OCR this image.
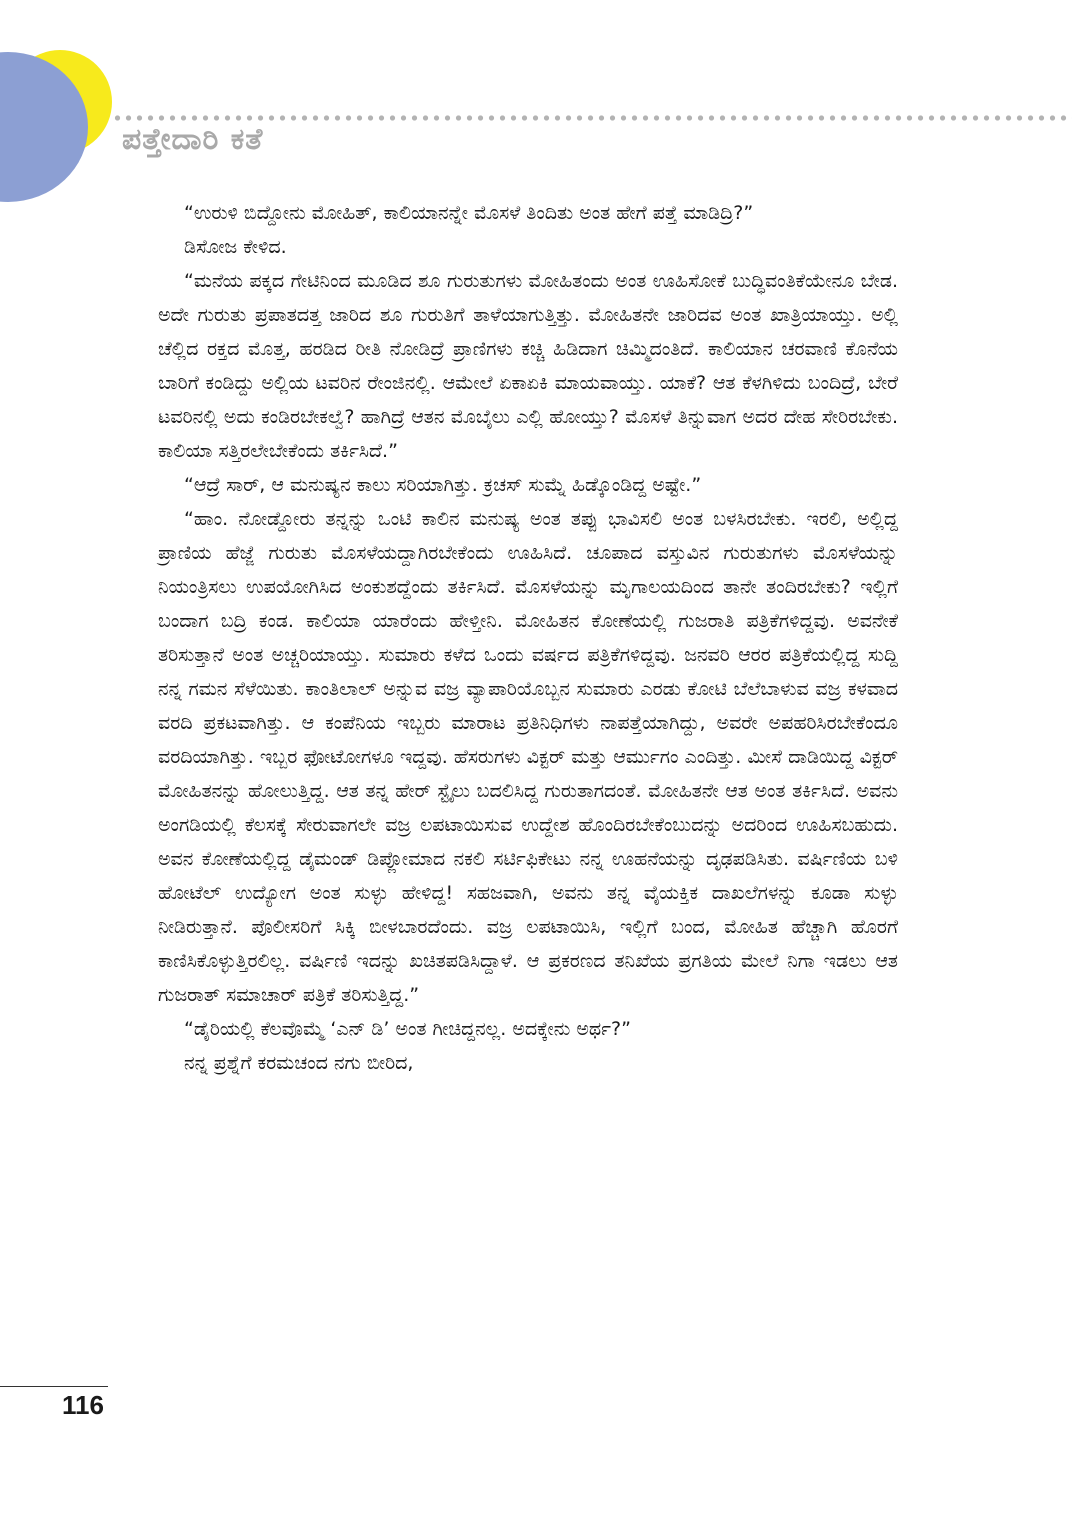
ಪತ್ತೇದಾರಿ ಕತೆ

“ಉರುಳಿ ಬಿದ್ದೋನು ಮೋಹಿತ್, ಕಾಲಿಯಾನನ್ನೇ ಮೊಸಳೆ ತಿಂದಿತು ಅಂತ ಹೇಗೆ ಪತ್ತೆ ಮಾಡಿದ್ರಿ?”

ಡಿಸೋಜ ಕೇಳಿದ.

“ಮನೆಯ ಪಕ್ಕದ ಗೇಟಿನಿಂದ ಮೂಡಿದ ಶೂ ಗುರುತುಗಳು ಮೋಹಿತಂದು ಅಂತ ಊಹಿಸೋಕೆ ಬುದ್ಧಿವಂತಿಕೆಯೇನೂ ಬೇಡ. ಅದೇ ಗುರುತು ಪ್ರಪಾತದತ್ತ ಜಾರಿದ ಶೂ ಗುರುತಿಗೆ ತಾಳೆಯಾಗುತ್ತಿತ್ತು. ಮೋಹಿತನೇ ಜಾರಿದವ ಅಂತ ಖಾತ್ರಿಯಾಯ್ತು. ಅಲ್ಲಿ ಚೆಲ್ಲಿದ ರಕ್ತದ ಮೊತ್ತ, ಹರಡಿದ ರೀತಿ ನೋಡಿದ್ರೆ ಪ್ರಾಣಿಗಳು ಕಚ್ಚಿ ಹಿಡಿದಾಗ ಚಿಮ್ಮಿದಂತಿದೆ. ಕಾಲಿಯಾನ ಚರವಾಣಿ ಕೊನೆಯ ಬಾರಿಗೆ ಕಂಡಿದ್ದು ಅಲ್ಲಿಯ ಟವರಿನ ರೇಂಜಿನಲ್ಲಿ. ಆಮೇಲೆ ಏಕಾಏಕಿ ಮಾಯವಾಯ್ತು. ಯಾಕೆ? ಆತ ಕೆಳಗಿಳಿದು ಬಂದಿದ್ರೆ, ಬೇರೆ ಟವರಿನಲ್ಲಿ ಅದು ಕಂಡಿರಬೇಕಲ್ವೆ? ಹಾಗಿದ್ರೆ ಆತನ ಮೊಬೈಲು ಎಲ್ಲಿ ಹೋಯ್ತು? ಮೊಸಳೆ ತಿನ್ನುವಾಗ ಅದರ ದೇಹ ಸೇರಿರಬೇಕು. ಕಾಲಿಯಾ ಸತ್ತಿರಲೇಬೇಕೆಂದು ತರ್ಕಿಸಿದೆ.”

“ಆದ್ರೆ ಸಾರ್, ಆ ಮನುಷ್ಯನ ಕಾಲು ಸರಿಯಾಗಿತ್ತು. ಕ್ರಚಸ್ ಸುಮ್ನೆ ಹಿಡ್ಕೊಂಡಿದ್ದ ಅಷ್ಟೇ.”

“ಹಾಂ. ನೋಡ್ದೋರು ತನ್ನನ್ನು ಒಂಟಿ ಕಾಲಿನ ಮನುಷ್ಯ ಅಂತ ತಪ್ಪು ಭಾವಿಸಲಿ ಅಂತ ಬಳಸಿರಬೇಕು. ಇರಲಿ, ಅಲ್ಲಿದ್ದ ಪ್ರಾಣಿಯ ಹೆಜ್ಜೆ ಗುರುತು ಮೊಸಳೆಯದ್ದಾಗಿರಬೇಕೆಂದು ಊಹಿಸಿದೆ. ಚೂಪಾದ ವಸ್ತುವಿನ ಗುರುತುಗಳು ಮೊಸಳೆಯನ್ನು ನಿಯಂತ್ರಿಸಲು ಉಪಯೋಗಿಸಿದ ಅಂಕುಶದ್ದೆಂದು ತರ್ಕಿಸಿದೆ. ಮೊಸಳೆಯನ್ನು ಮೃಗಾಲಯದಿಂದ ತಾನೇ ತಂದಿರಬೇಕು? ಇಲ್ಲಿಗೆ ಬಂದಾಗ ಬದ್ರಿ ಕಂಡ. ಕಾಲಿಯಾ ಯಾರೆಂದು ಹೇಳ್ತೀನಿ. ಮೋಹಿತನ ಕೋಣೆಯಲ್ಲಿ ಗುಜರಾತಿ ಪತ್ರಿಕೆಗಳಿದ್ದವು. ಅವನೇಕೆ ತರಿಸುತ್ತಾನೆ ಅಂತ ಅಚ್ಚರಿಯಾಯ್ತು. ಸುಮಾರು ಕಳೆದ ಒಂದು ವರ್ಷದ ಪತ್ರಿಕೆಗಳಿದ್ದವು. ಜನವರಿ ಆರರ ಪತ್ರಿಕೆಯಲ್ಲಿದ್ದ ಸುದ್ದಿ ನನ್ನ ಗಮನ ಸೆಳೆಯಿತು. ಕಾಂತಿಲಾಲ್ ಅನ್ನುವ ವಜ್ರ ವ್ಯಾಪಾರಿಯೊಬ್ಬನ ಸುಮಾರು ಎರಡು ಕೋಟಿ ಬೆಲೆಬಾಳುವ ವಜ್ರ ಕಳವಾದ ವರದಿ ಪ್ರಕಟವಾಗಿತ್ತು. ಆ ಕಂಪೆನಿಯ ಇಬ್ಬರು ಮಾರಾಟ ಪ್ರತಿನಿಧಿಗಳು ನಾಪತ್ತೆಯಾಗಿದ್ದು, ಅವರೇ ಅಪಹರಿಸಿರಬೇಕೆಂದೂ ವರದಿಯಾಗಿತ್ತು. ಇಬ್ಬರ ಫೋಟೋಗಳೂ ಇದ್ದವು. ಹೆಸರುಗಳು ವಿಕ್ಟರ್ ಮತ್ತು ಆರ್ಮುಗಂ ಎಂದಿತ್ತು. ಮೀಸೆ ದಾಡಿಯಿದ್ದ ವಿಕ್ಟರ್ ಮೋಹಿತನನ್ನು ಹೋಲುತ್ತಿದ್ದ. ಆತ ತನ್ನ ಹೇರ್ ಸ್ಟೈಲು ಬದಲಿಸಿದ್ದ ಗುರುತಾಗದಂತೆ. ಮೋಹಿತನೇ ಆತ ಅಂತ ತರ್ಕಿಸಿದೆ. ಅವನು ಅಂಗಡಿಯಲ್ಲಿ ಕೆಲಸಕ್ಕೆ ಸೇರುವಾಗಲೇ ವಜ್ರ ಲಪಟಾಯಿಸುವ ಉದ್ದೇಶ ಹೊಂದಿರಬೇಕೆಂಬುದನ್ನು ಅದರಿಂದ ಊಹಿಸಬಹುದು. ಅವನ ಕೋಣೆಯಲ್ಲಿದ್ದ ಡೈಮಂಡ್ ಡಿಪ್ಲೋಮಾದ ನಕಲಿ ಸರ್ಟಿಫಿಕೇಟು ನನ್ನ ಊಹನೆಯನ್ನು ದೃಢಪಡಿಸಿತು. ವರ್ಷಿಣಿಯ ಬಳಿ ಹೋಟೆಲ್ ಉದ್ಯೋಗ ಅಂತ ಸುಳ್ಳು ಹೇಳಿದ್ದ! ಸಹಜವಾಗಿ, ಅವನು ತನ್ನ ವೈಯಕ್ತಿಕ ದಾಖಲೆಗಳನ್ನು ಕೂಡಾ ಸುಳ್ಳು ನೀಡಿರುತ್ತಾನೆ. ಪೊಲೀಸರಿಗೆ ಸಿಕ್ಕಿ ಬೀಳಬಾರದೆಂದು. ವಜ್ರ ಲಪಟಾಯಿಸಿ, ಇಲ್ಲಿಗೆ ಬಂದ, ಮೋಹಿತ ಹೆಚ್ಚಾಗಿ ಹೊರಗೆ ಕಾಣಿಸಿಕೊಳ್ಳುತ್ತಿರಲಿಲ್ಲ. ವರ್ಷಿಣಿ ಇದನ್ನು ಖಚಿತಪಡಿಸಿದ್ದಾಳೆ. ಆ ಪ್ರಕರಣದ ತನಿಖೆಯ ಪ್ರಗತಿಯ ಮೇಲೆ ನಿಗಾ ಇಡಲು ಆತ ಗುಜರಾತ್ ಸಮಾಚಾರ್ ಪತ್ರಿಕೆ ತರಿಸುತ್ತಿದ್ದ.”

“ಡೈರಿಯಲ್ಲಿ ಕೆಲವೊಮ್ಮೆ ‘ಎನ್ ಡಿ’ ಅಂತ ಗೀಚಿದ್ದನಲ್ಲ. ಅದಕ್ಕೇನು ಅರ್ಥ?”

ನನ್ನ ಪ್ರಶ್ನೆಗೆ ಕರಮಚಂದ ನಗು ಬೀರಿದ,

116
